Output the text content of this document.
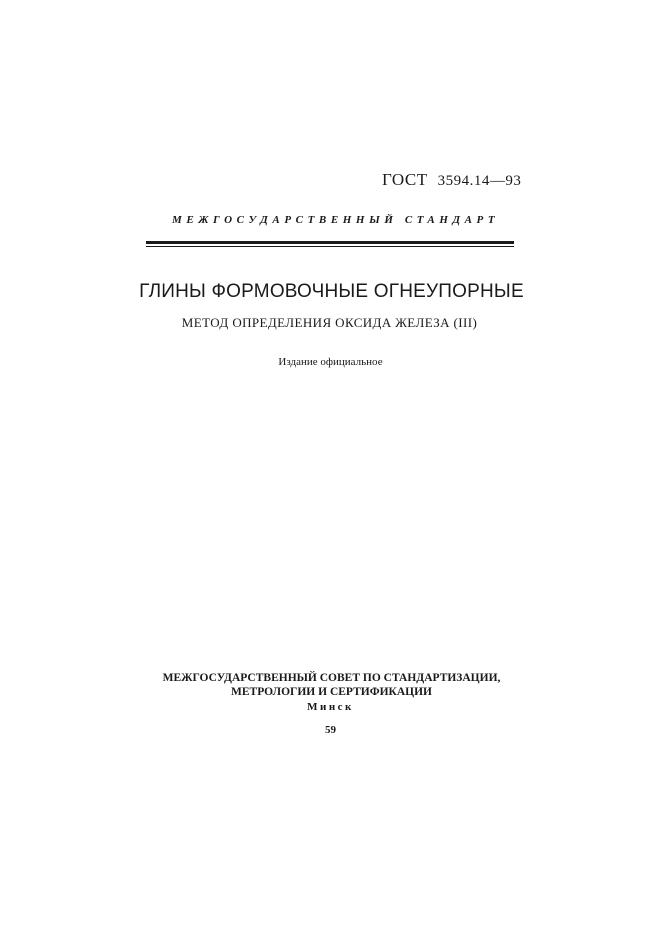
ГОСТ 3594.14—93
МЕЖГОСУДАРСТВЕННЫЙ СТАНДАРТ
ГЛИНЫ ФОРМОВОЧНЫЕ ОГНЕУПОРНЫЕ
МЕТОД ОПРЕДЕЛЕНИЯ ОКСИДА ЖЕЛЕЗА (III)
Издание официальное
МЕЖГОСУДАРСТВЕННЫЙ СОВЕТ ПО СТАНДАРТИЗАЦИИ,
МЕТРОЛОГИИ И СЕРТИФИКАЦИИ
Минск
59
